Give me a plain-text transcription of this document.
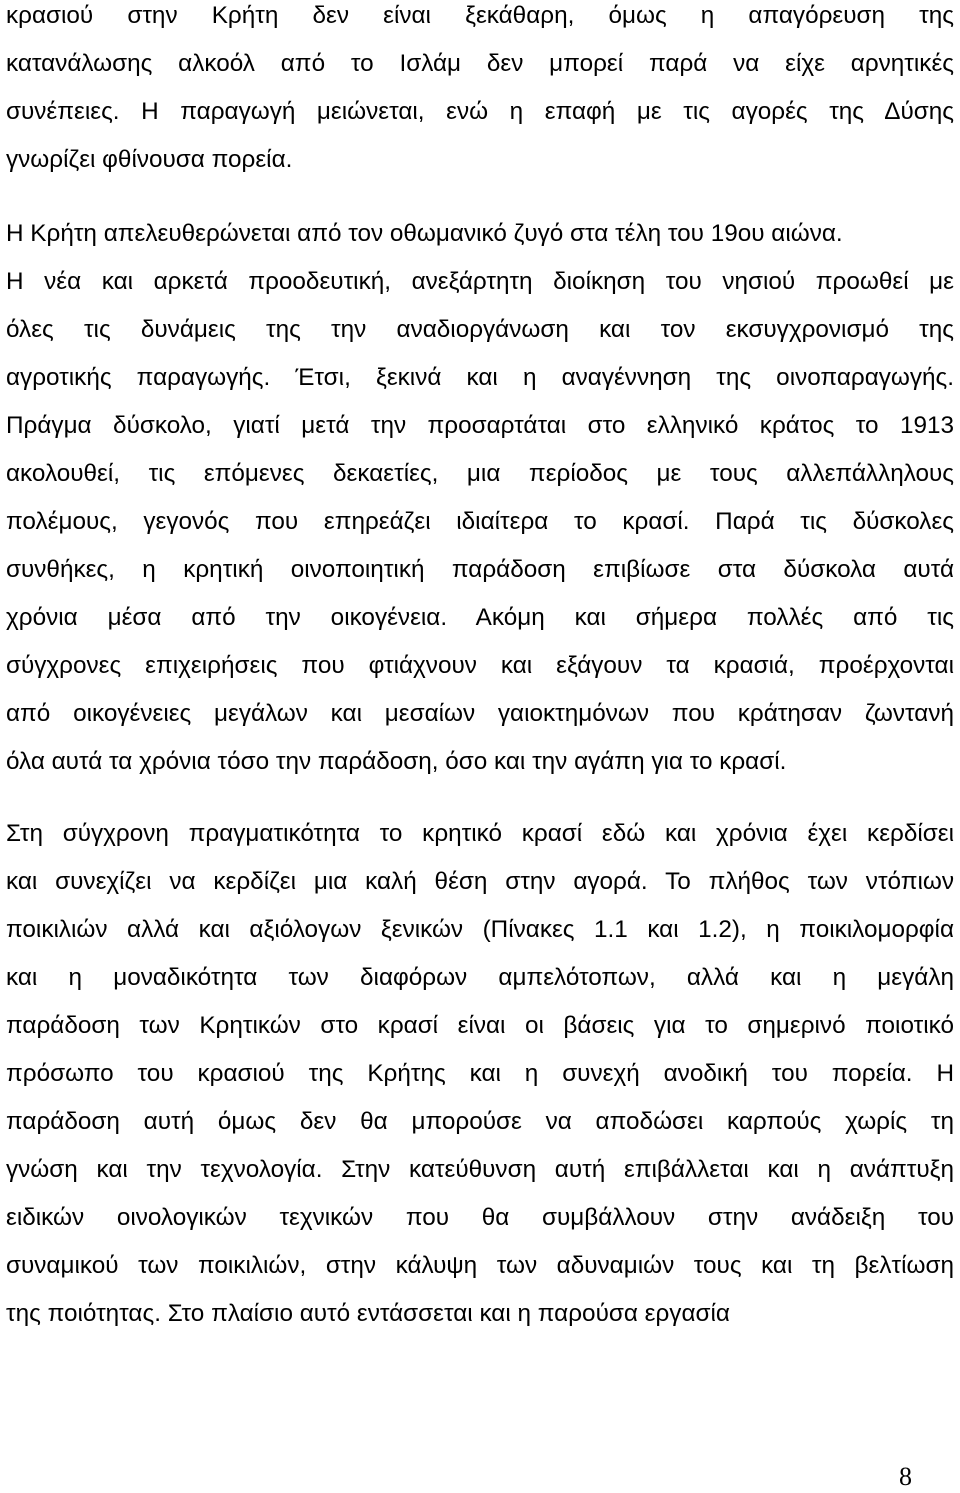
κρασιού στην Κρήτη δεν είναι ξεκάθαρη, όμως η απαγόρευση της
κατανάλωσης αλκοόλ από το Ισλάμ δεν μπορεί παρά να είχε αρνητικές
συνέπειες. Η παραγωγή μειώνεται, ενώ η επαφή με τις αγορές της Δύσης
γνωρίζει φθίνουσα πορεία.
Η Κρήτη απελευθερώνεται από τον οθωμανικό ζυγό στα τέλη του 19ου αιώνα.
Η νέα και αρκετά προοδευτική, ανεξάρτητη διοίκηση του νησιού προωθεί με
όλες τις δυνάμεις της την αναδιοργάνωση και τον εκσυγχρονισμό της
αγροτικής παραγωγής. Έτσι, ξεκινά και η αναγέννηση της οινοπαραγωγής.
Πράγμα δύσκολο, γιατί μετά την προσαρτάται στο ελληνικό κράτος το 1913
ακολουθεί, τις επόμενες δεκαετίες, μια περίοδος με τους αλλεπάλληλους
πολέμους, γεγονός που επηρεάζει ιδιαίτερα το κρασί. Παρά τις δύσκολες
συνθήκες, η κρητική οινοποιητική παράδοση επιβίωσε στα δύσκολα αυτά
χρόνια μέσα από την οικογένεια. Ακόμη και σήμερα πολλές από τις
σύγχρονες επιχειρήσεις που φτιάχνουν και εξάγουν τα κρασιά, προέρχονται
από οικογένειες μεγάλων και μεσαίων γαιοκτημόνων που κράτησαν ζωντανή
όλα αυτά τα χρόνια τόσο την παράδοση, όσο και την αγάπη για το κρασί.
Στη σύγχρονη πραγματικότητα το κρητικό κρασί εδώ και χρόνια έχει κερδίσει
και συνεχίζει να κερδίζει μια καλή θέση στην αγορά. Το πλήθος των ντόπιων
ποικιλιών αλλά και αξιόλογων ξενικών (Πίνακες 1.1 και 1.2), η ποικιλομορφία
και η μοναδικότητα των διαφόρων αμπελότοπων, αλλά και η μεγάλη
παράδοση των Κρητικών στο κρασί είναι οι βάσεις για το σημερινό ποιοτικό
πρόσωπο του κρασιού της Κρήτης και η συνεχή ανοδική του πορεία. Η
παράδοση αυτή όμως δεν θα μπορούσε να αποδώσει καρπούς χωρίς τη
γνώση και την τεχνολογία. Στην κατεύθυνση αυτή επιβάλλεται και η ανάπτυξη
ειδικών οινολογικών τεχνικών που θα συμβάλλουν στην ανάδειξη του
συναμικού των ποικιλιών, στην κάλυψη των αδυναμιών τους και τη βελτίωση
της ποιότητας. Στο πλαίσιο αυτό εντάσσεται και η παρούσα εργασία
8
